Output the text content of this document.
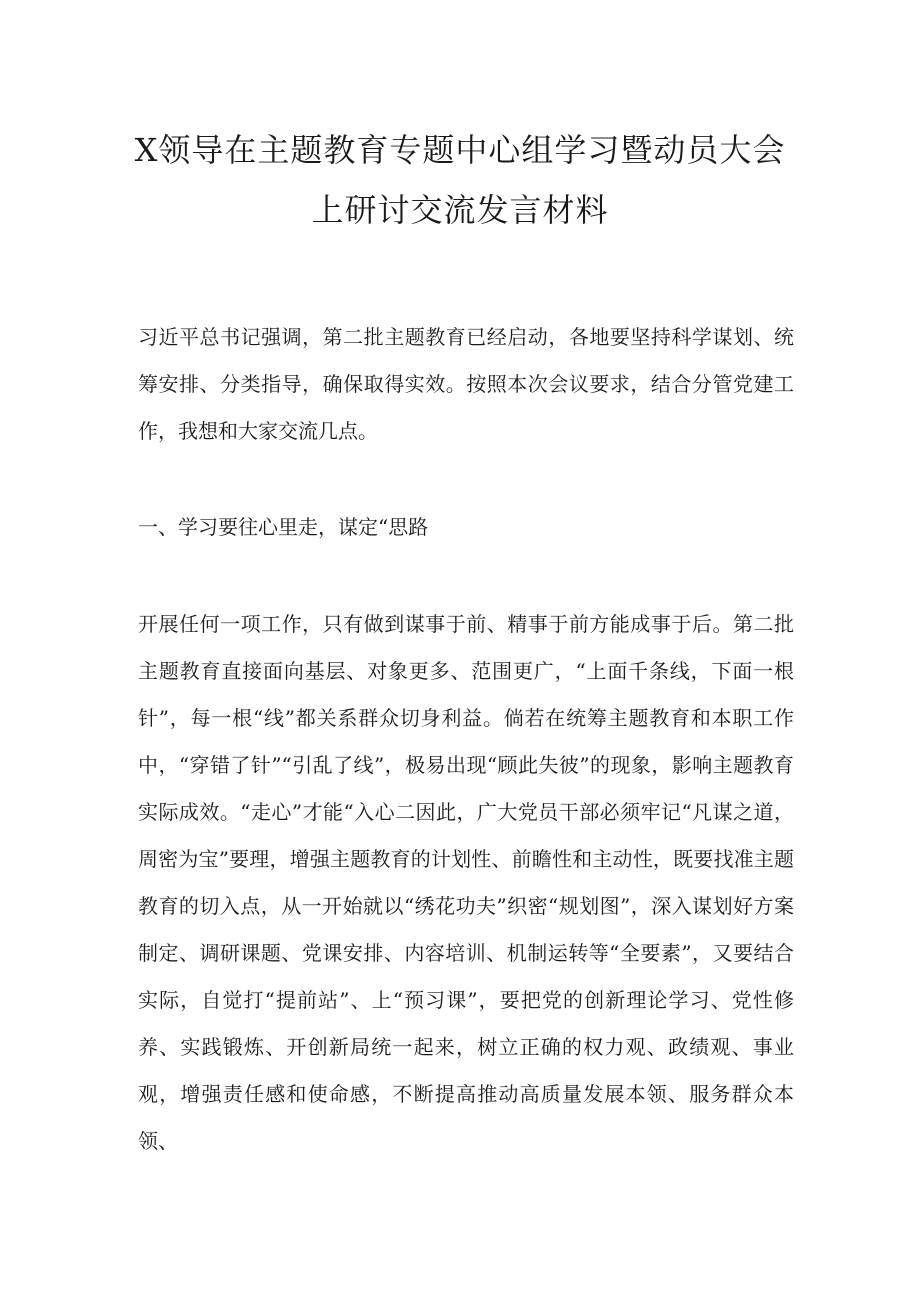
X领导在主题教育专题中心组学习暨动员大会上研讨交流发言材料

习近平总书记强调，第二批主题教育已经启动，各地要坚持科学谋划、统筹安排、分类指导，确保取得实效。按照本次会议要求，结合分管党建工作，我想和大家交流几点。

一、学习要往心里走，谋定“思路

开展任何一项工作，只有做到谋事于前、精事于前方能成事于后。第二批主题教育直接面向基层、对象更多、范围更广，“上面千条线，下面一根针”，每一根“线”都关系群众切身利益。倘若在统筹主题教育和本职工作中，“穿错了针”“引乱了线”，极易出现“顾此失彼”的现象，影响主题教育实际成效。“走心”才能“入心二因此，广大党员干部必须牢记“凡谋之道，周密为宝”要理，增强主题教育的计划性、前瞻性和主动性，既要找准主题教育的切入点，从一开始就以“绣花功夫”织密“规划图”，深入谋划好方案制定、调研课题、党课安排、内容培训、机制运转等“全要素”，又要结合实际，自觉打“提前站”、上“预习课”，要把党的创新理论学习、党性修养、实践锻炼、开创新局统一起来，树立正确的权力观、政绩观、事业观，增强责任感和使命感，不断提高推动高质量发展本领、服务群众本领、
